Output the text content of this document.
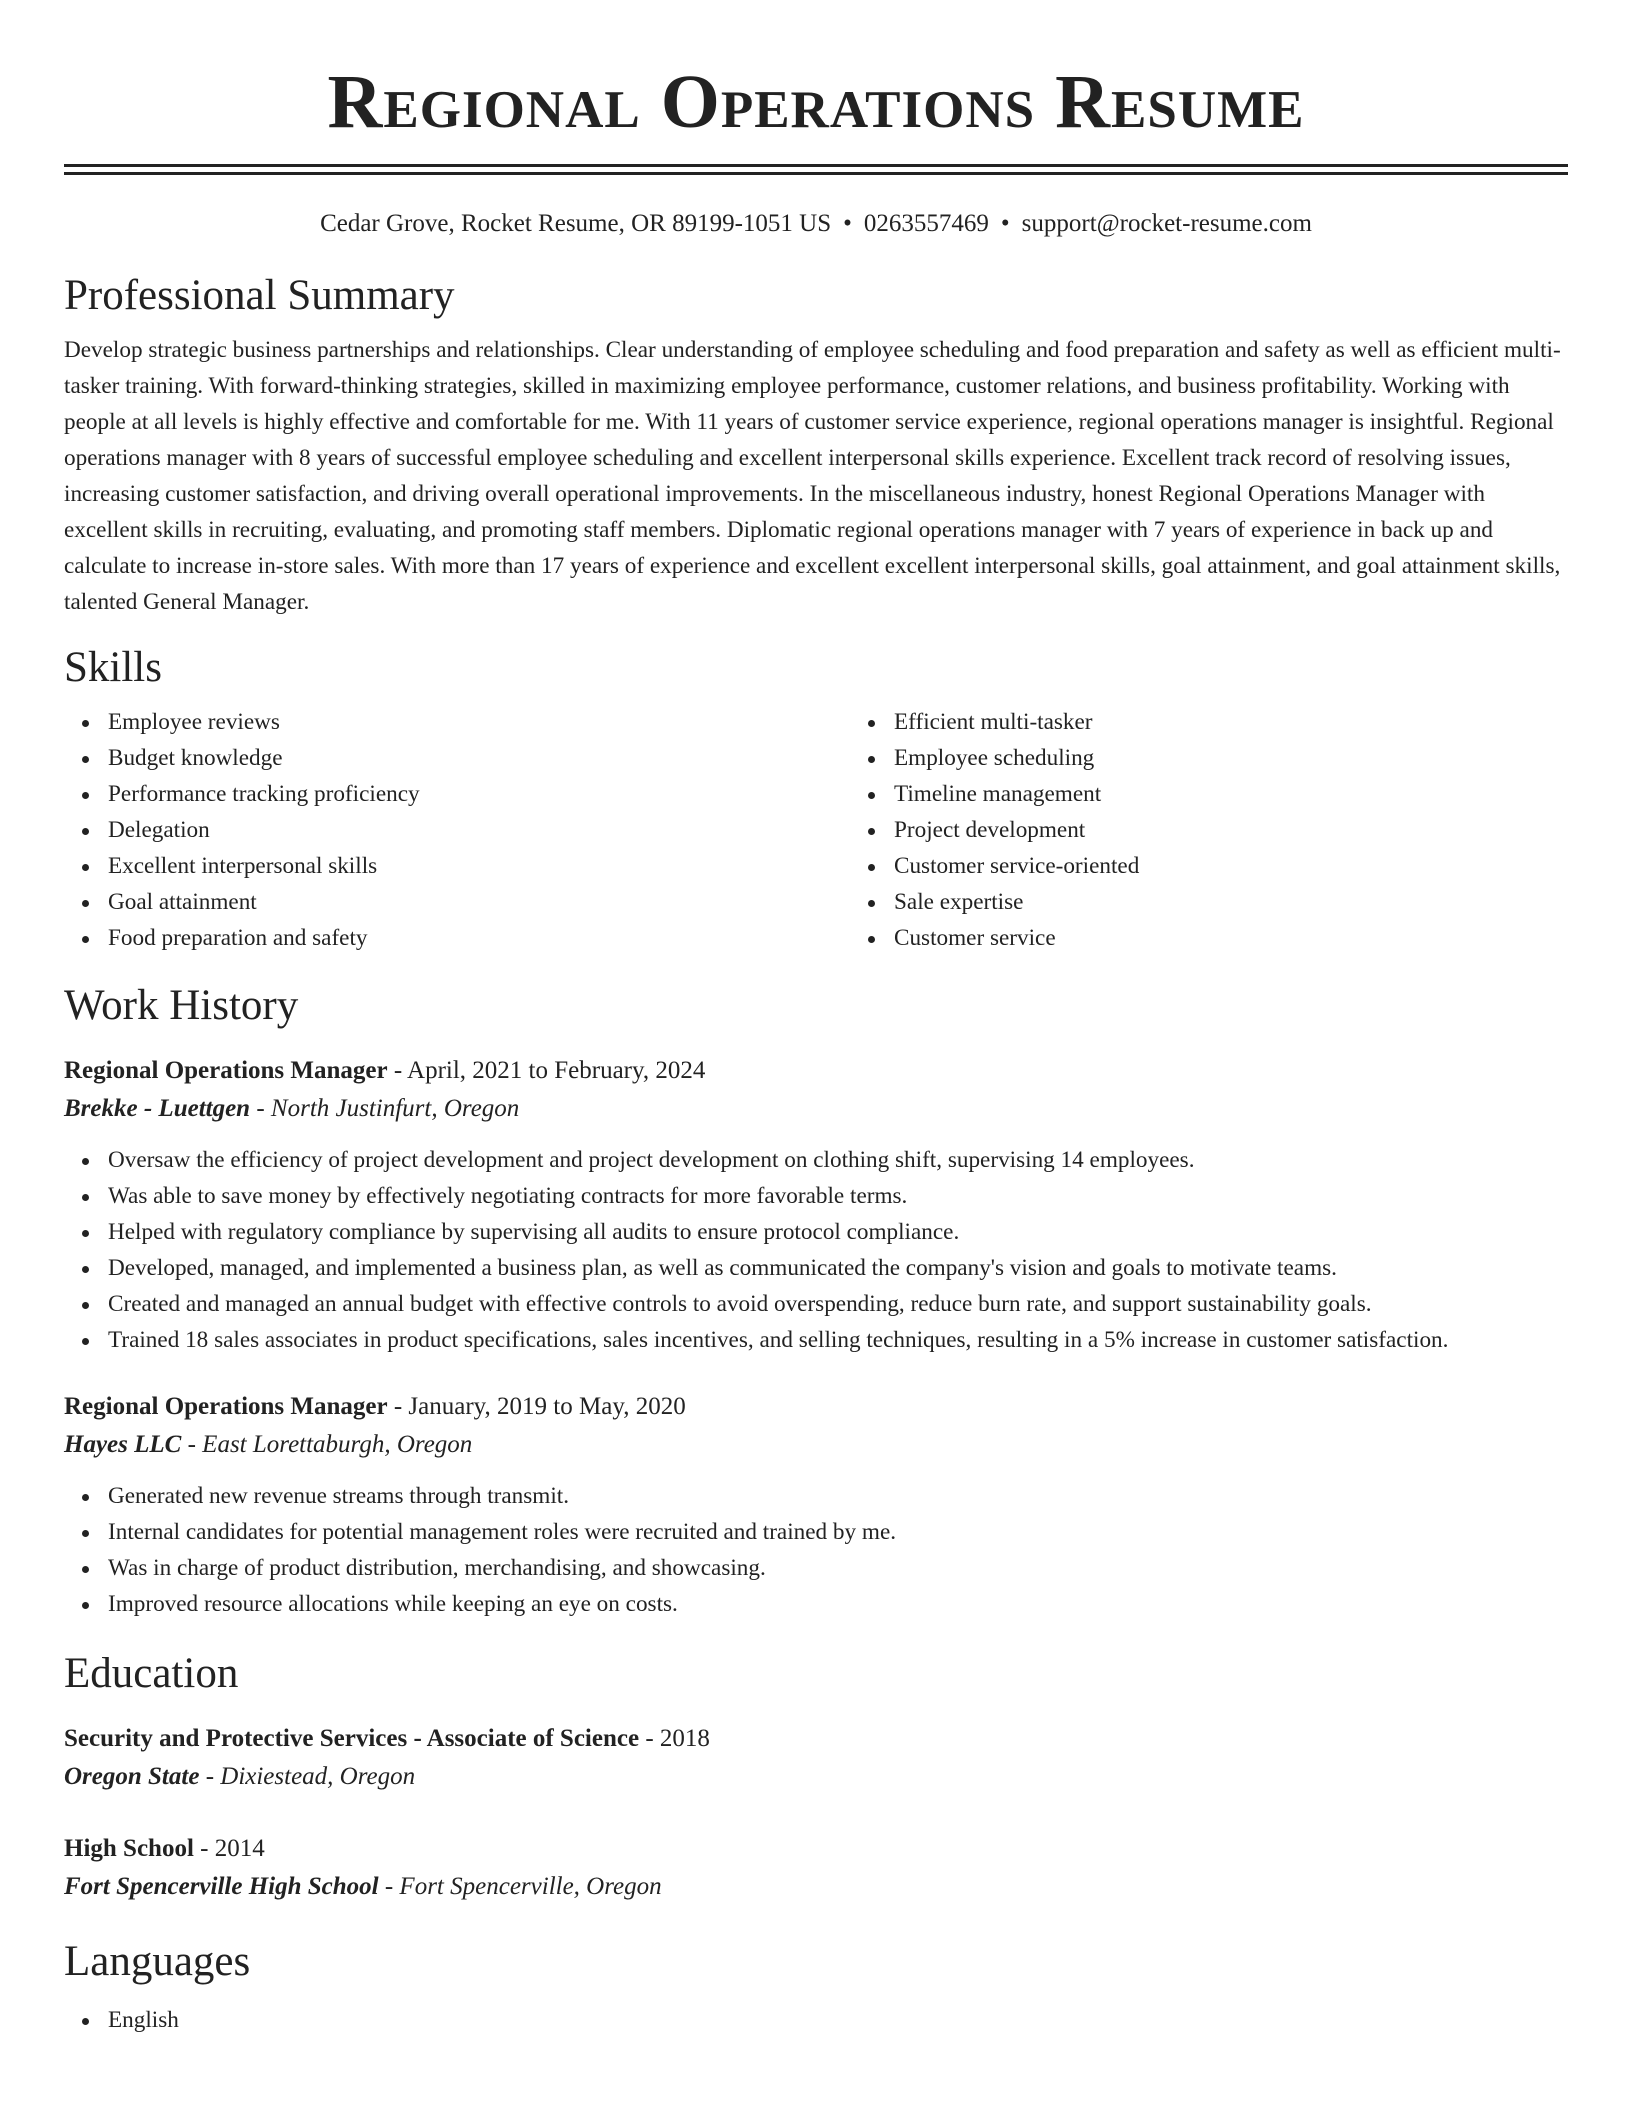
Regional Operations Resume
Cedar Grove, Rocket Resume, OR 89199-1051 US • 0263557469 • support@rocket-resume.com
Professional Summary

Develop strategic business partnerships and relationships. Clear understanding of employee scheduling and food preparation and safety as well as efficient multi-tasker training. With forward-thinking strategies, skilled in maximizing employee performance, customer relations, and business profitability. Working with people at all levels is highly effective and comfortable for me. With 11 years of customer service experience, regional operations manager is insightful. Regional operations manager with 8 years of successful employee scheduling and excellent interpersonal skills experience. Excellent track record of resolving issues, increasing customer satisfaction, and driving overall operational improvements. In the miscellaneous industry, honest Regional Operations Manager with excellent skills in recruiting, evaluating, and promoting staff members. Diplomatic regional operations manager with 7 years of experience in back up and calculate to increase in-store sales. With more than 17 years of experience and excellent excellent interpersonal skills, goal attainment, and goal attainment skills, talented General Manager.

Skills
Employee reviews
Budget knowledge
Performance tracking proficiency
Delegation
Excellent interpersonal skills
Goal attainment
Food preparation and safety
Efficient multi-tasker
Employee scheduling
Timeline management
Project development
Customer service-oriented
Sale expertise
Customer service
Work History
Regional Operations Manager - April, 2021 to February, 2024
Brekke - Luettgen - North Justinfurt, Oregon
Oversaw the efficiency of project development and project development on clothing shift, supervising 14 employees.
Was able to save money by effectively negotiating contracts for more favorable terms.
Helped with regulatory compliance by supervising all audits to ensure protocol compliance.
Developed, managed, and implemented a business plan, as well as communicated the company's vision and goals to motivate teams.
Created and managed an annual budget with effective controls to avoid overspending, reduce burn rate, and support sustainability goals.
Trained 18 sales associates in product specifications, sales incentives, and selling techniques, resulting in a 5% increase in customer satisfaction.
Regional Operations Manager - January, 2019 to May, 2020
Hayes LLC - East Lorettaburgh, Oregon
Generated new revenue streams through transmit.
Internal candidates for potential management roles were recruited and trained by me.
Was in charge of product distribution, merchandising, and showcasing.
Improved resource allocations while keeping an eye on costs.
Education
Security and Protective Services - Associate of Science - 2018
Oregon State - Dixiestead, Oregon
High School - 2014
Fort Spencerville High School - Fort Spencerville, Oregon
Languages
English
